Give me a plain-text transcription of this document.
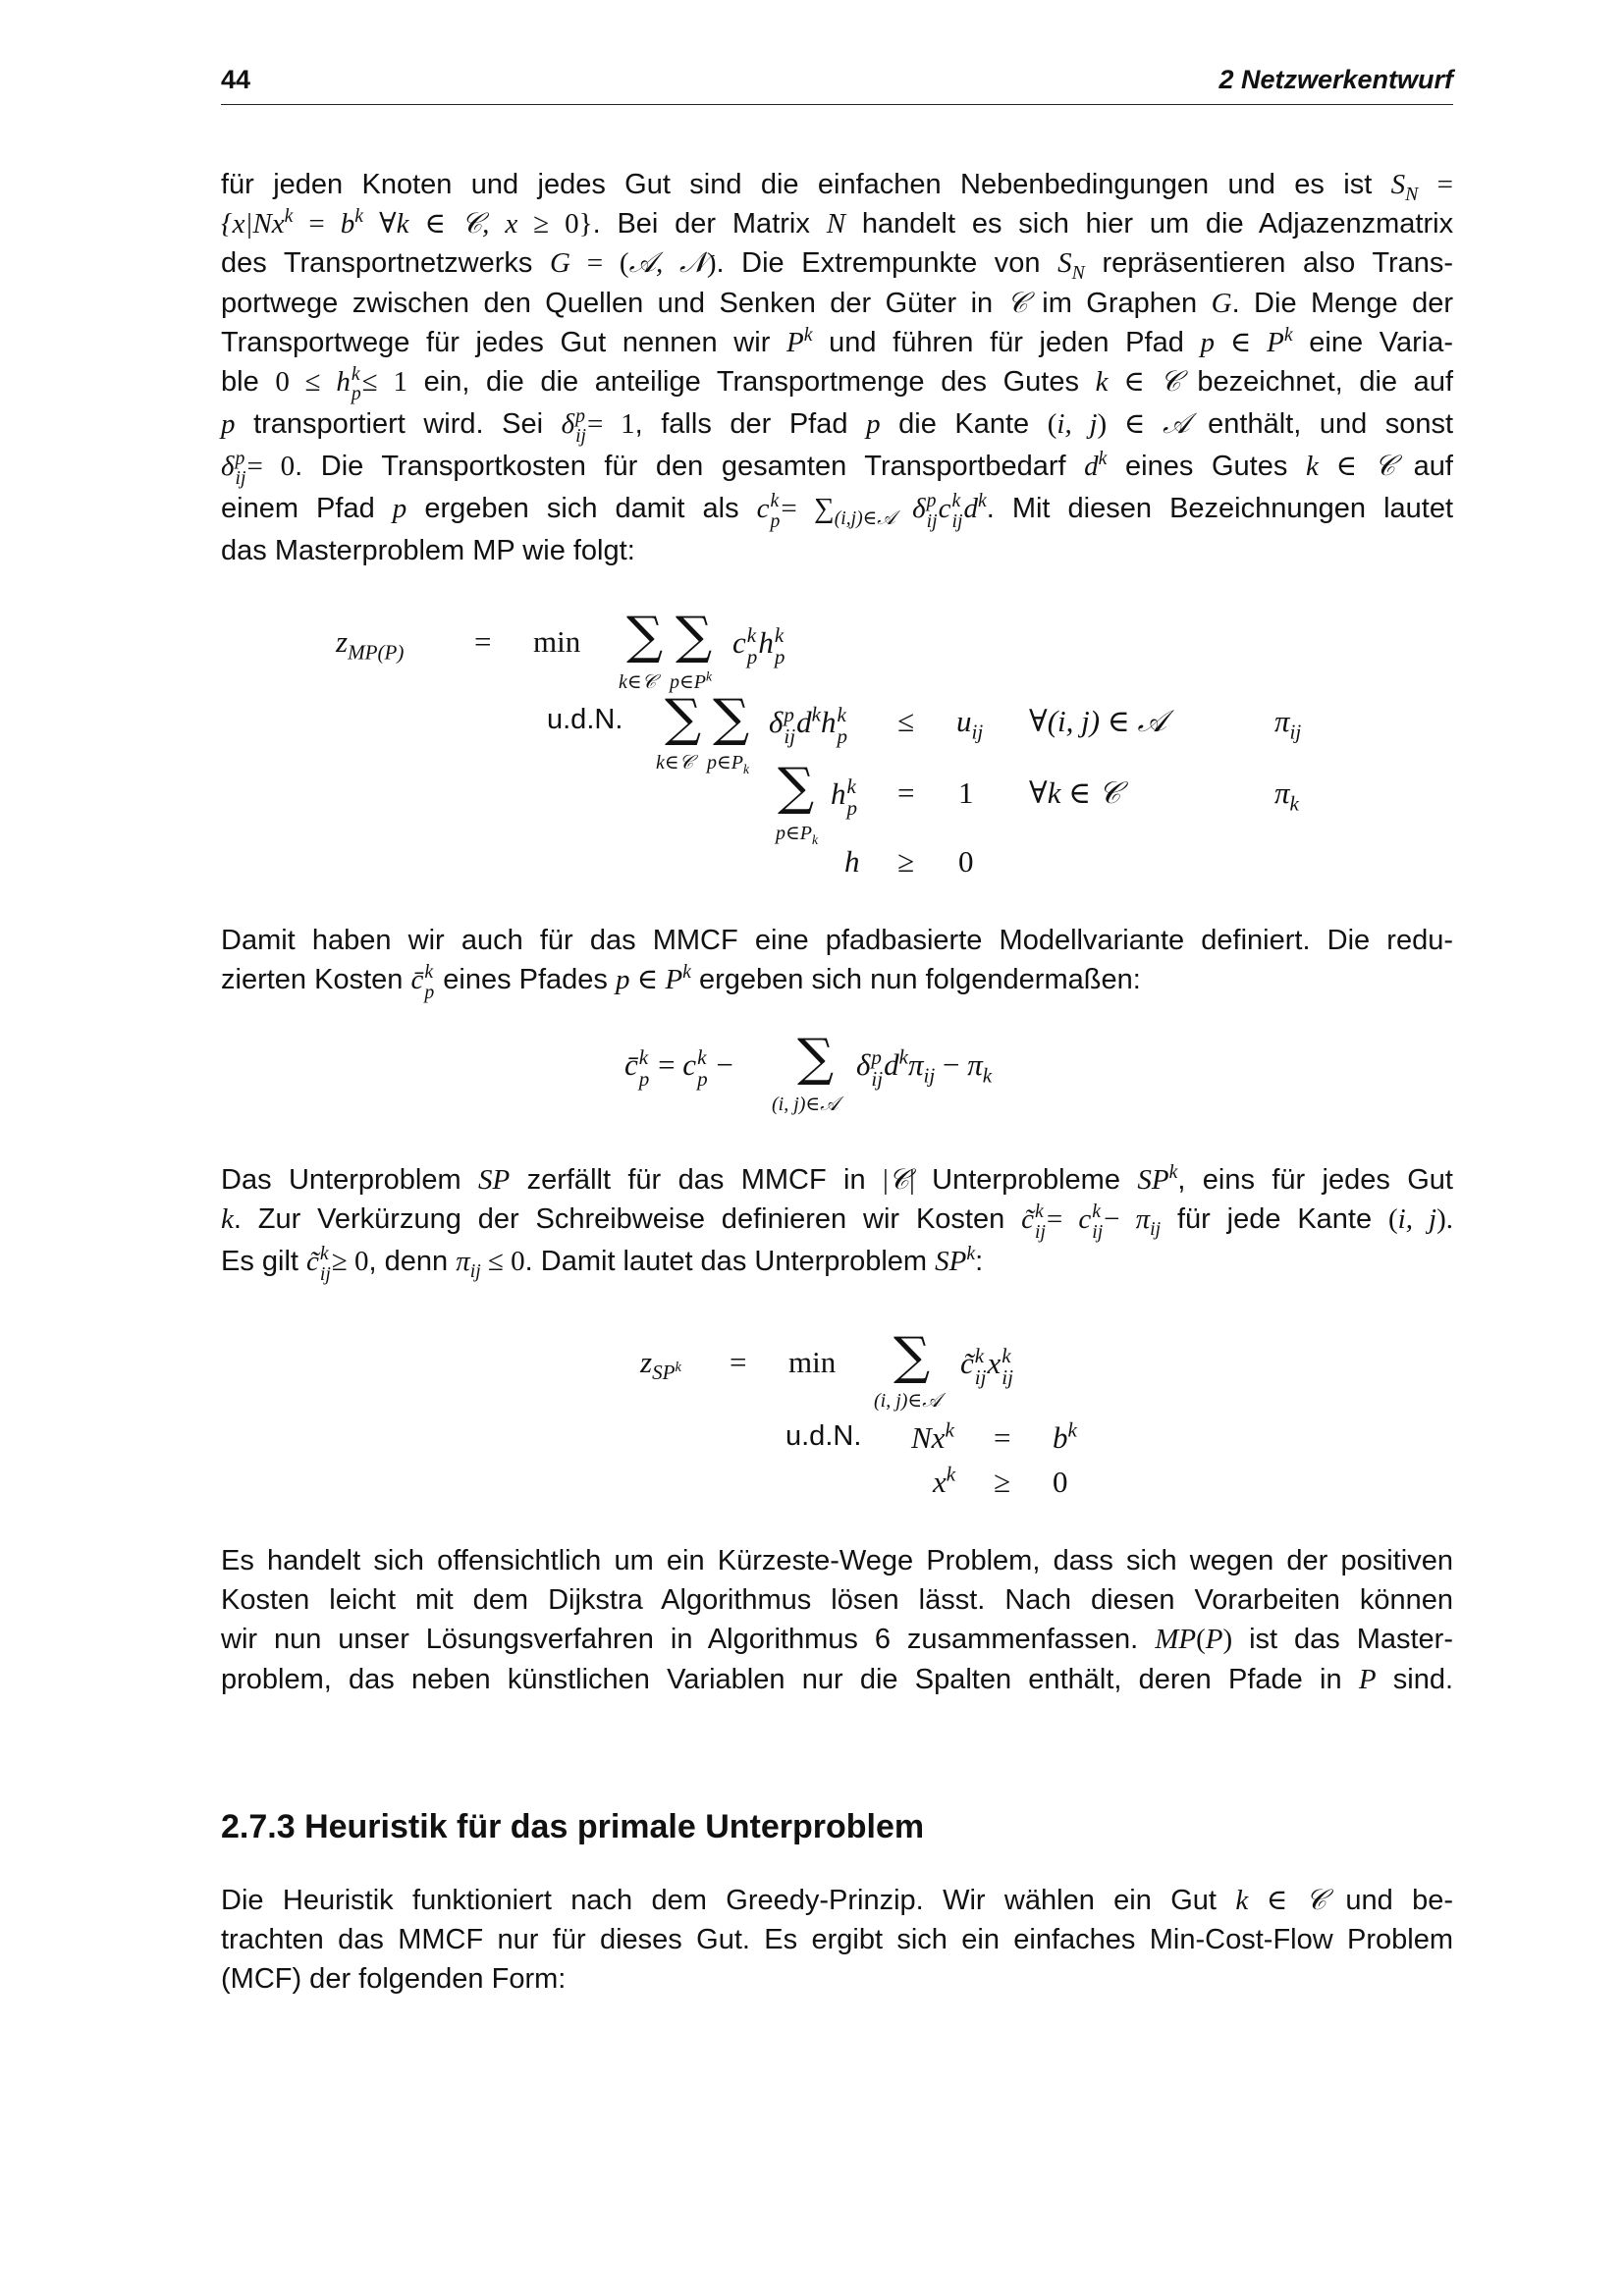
44	2 Netzwerkentwurf
für jeden Knoten und jedes Gut sind die einfachen Nebenbedingungen und es ist $S_N$ =
{$x|Nx^k = b^k$ ∀k ∈ 𝒞, x ≥ 0}. Bei der Matrix N handelt es sich hier um die Adjazenzmatrix
des Transportnetzwerks G = (𝒜, 𝒩). Die Extrempunkte von $S_N$ repräsentieren also Trans-
portwege zwischen den Quellen und Senken der Güter in 𝒞 im Graphen G. Die Menge der
Transportwege für jedes Gut nennen wir $P^k$ und führen für jeden Pfad p ∈ $P^k$ eine Varia-
ble 0 ≤ h k
p ≤ 1 ein, die die anteilige Transportmenge des Gutes k ∈ 𝒞 bezeichnet, die auf
p transportiert wird. Sei δ p
ij = 1, falls der Pfad p die Kante (i, j) ∈ 𝒜 enthält, und sonst
δ p
ij = 0. Die Transportkosten für den gesamten Transportbedarf $d^k$ eines Gutes k ∈ 𝒞 auf
einem Pfad p ergeben sich damit als c k
$p = \sum_{(i,j)\in 𝒜}$ δ p
ij c k
ij $d^k$. Mit diesen Bezeichnungen lautet
das Masterproblem MP wie folgt:
$z_{MP(P)} = \min$ ∑
k∈𝒞
∑
$p\in P^k$
c k
p h k
p
u.d.N. ∑
k∈𝒞
∑
$p\in P_k$
δ p
ij $d^kh$ k
$p \le u_{ij}$ ∀(i, j) ∈ 𝒜	$\pi_{ij}$
∑
$p\in P_k$
h k
p = 1 ∀k ∈ 𝒞	$\pi_k$
h ≥ 0
Damit haben wir auch für das MMCF eine pfadbasierte Modellvariante definiert. Die redu-
zierten Kosten c̄ k
p eines Pfades p ∈ $P^k$ ergeben sich nun folgendermaßen:
c̄ k
p = c k
p − ∑
(i, j)∈𝒜
δ p
ij $d^k\pi_{ij} - \pi_k$
Das Unterproblem SP zerfällt für das MMCF in |𝒞| Unterprobleme $SP^k$, eins für jedes Gut
k. Zur Verkürzung der Schreibweise definieren wir Kosten c̃ k
ij = c k
ij − $\pi_{ij}$ für jede Kante (i, j).
Es gilt c̃ k
ij ≥ 0, denn $\pi_{ij} \le 0$. Damit lautet das Unterproblem $SP^k$:
$z_{SP^k} = \min$ ∑
(i, j)∈𝒜
c̃ k
ij x k
ij
u.d.N. $Nx^k = b^k$
$x^k \ge 0$
Es handelt sich offensichtlich um ein Kürzeste-Wege Problem, dass sich wegen der positiven
Kosten leicht mit dem Dijkstra Algorithmus lösen lässt. Nach diesen Vorarbeiten können
wir nun unser Lösungsverfahren in Algorithmus 6 zusammenfassen. MP(P) ist das Master-
problem, das neben künstlichen Variablen nur die Spalten enthält, deren Pfade in P sind.
2.7.3 Heuristik für das primale Unterproblem
Die Heuristik funktioniert nach dem Greedy-Prinzip. Wir wählen ein Gut k ∈ 𝒞 und be-
trachten das MMCF nur für dieses Gut. Es ergibt sich ein einfaches Min-Cost-Flow Problem
(MCF) der folgenden Form:
